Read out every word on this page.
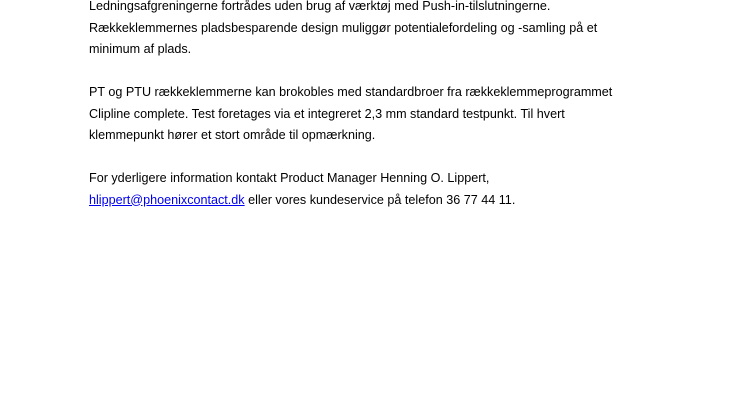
Ledningsafgreningerne fortrådes uden brug af værktøj med Push-in-tilslutningerne.
Rækkeklemmernes pladsbesparende design muliggør potentialefordeling og -samling på et
minimum af plads.

PT og PTU rækkeklemmerne kan brokobles med standardbroer fra rækkeklemmeprogrammet
Clipline complete. Test foretages via et integreret 2,3 mm standard testpunkt. Til hvert
klemmepunkt hører et stort område til opmærkning.

For yderligere information kontakt Product Manager Henning O. Lippert,
hlippert@phoenixcontact.dk eller vores kundeservice på telefon 36 77 44 11.
